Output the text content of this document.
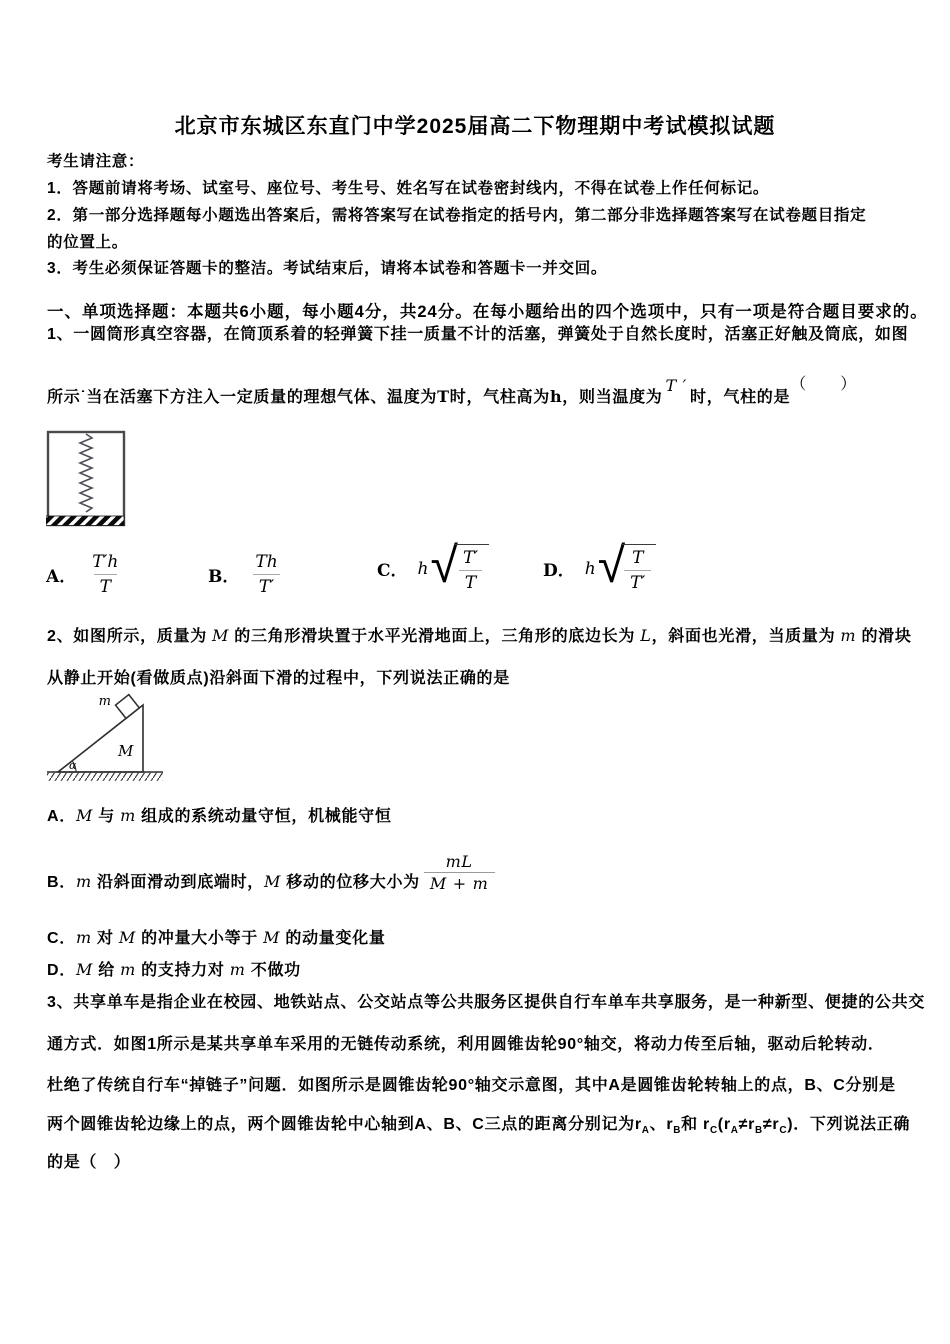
北京市东城区东直门中学2025届高二下物理期中考试模拟试题
考生请注意：
1．答题前请将考场、试室号、座位号、考生号、姓名写在试卷密封线内，不得在试卷上作任何标记。
2．第一部分选择题每小题选出答案后，需将答案写在试卷指定的括号内，第二部分非选择题答案写在试卷题目指定
的位置上。
3．考生必须保证答题卡的整洁。考试结束后，请将本试卷和答题卡一并交回。
一、单项选择题：本题共6小题，每小题4分，共24分。在每小题给出的四个选项中，只有一项是符合题目要求的。
1、一圆筒形真空容器，在筒顶系着的轻弹簧下挂一质量不计的活塞，弹簧处于自然长度时，活塞正好触及筒底，如图
所示˙当在活塞下方注入一定质量的理想气体、温度为T时，气柱高为h，则当温度为T ′时，气柱的是（　　）
A． $\frac{T'h}{T}$	B． $\frac{Th}{T'}$	C． h √ $\frac{T'}{T}$	D． h √ $\frac{T}{T'}$
2、如图所示，质量为 M 的三角形滑块置于水平光滑地面上，三角形的底边长为 L，斜面也光滑，当质量为 m 的滑块
从静止开始(看做质点)沿斜面下滑的过程中，下列说法正确的是
m
M
α
A．M 与 m 组成的系统动量守恒，机械能守恒
B．m 沿斜面滑动到底端时，M 移动的位移大小为 $\frac{mL}{M + m}$
C．m 对 M 的冲量大小等于 M 的动量变化量
D．M 给 m 的支持力对 m 不做功
3、共享单车是指企业在校园、地铁站点、公交站点等公共服务区提供自行车单车共享服务，是一种新型、便捷的公共交
通方式．如图1所示是某共享单车采用的无链传动系统，利用圆锥齿轮90°轴交，将动力传至后轴，驱动后轮转动．
杜绝了传统自行车“掉链子”问题．如图所示是圆锥齿轮90°轴交示意图，其中A是圆锥齿轮转轴上的点，B、C分别是
两个圆锥齿轮边缘上的点，两个圆锥齿轮中心轴到A、B、C三点的距离分别记为$r_A$、$r_B$和 $r_C(r_A\ne r_B\ne r_C)$．下列说法正确
的是（　）
